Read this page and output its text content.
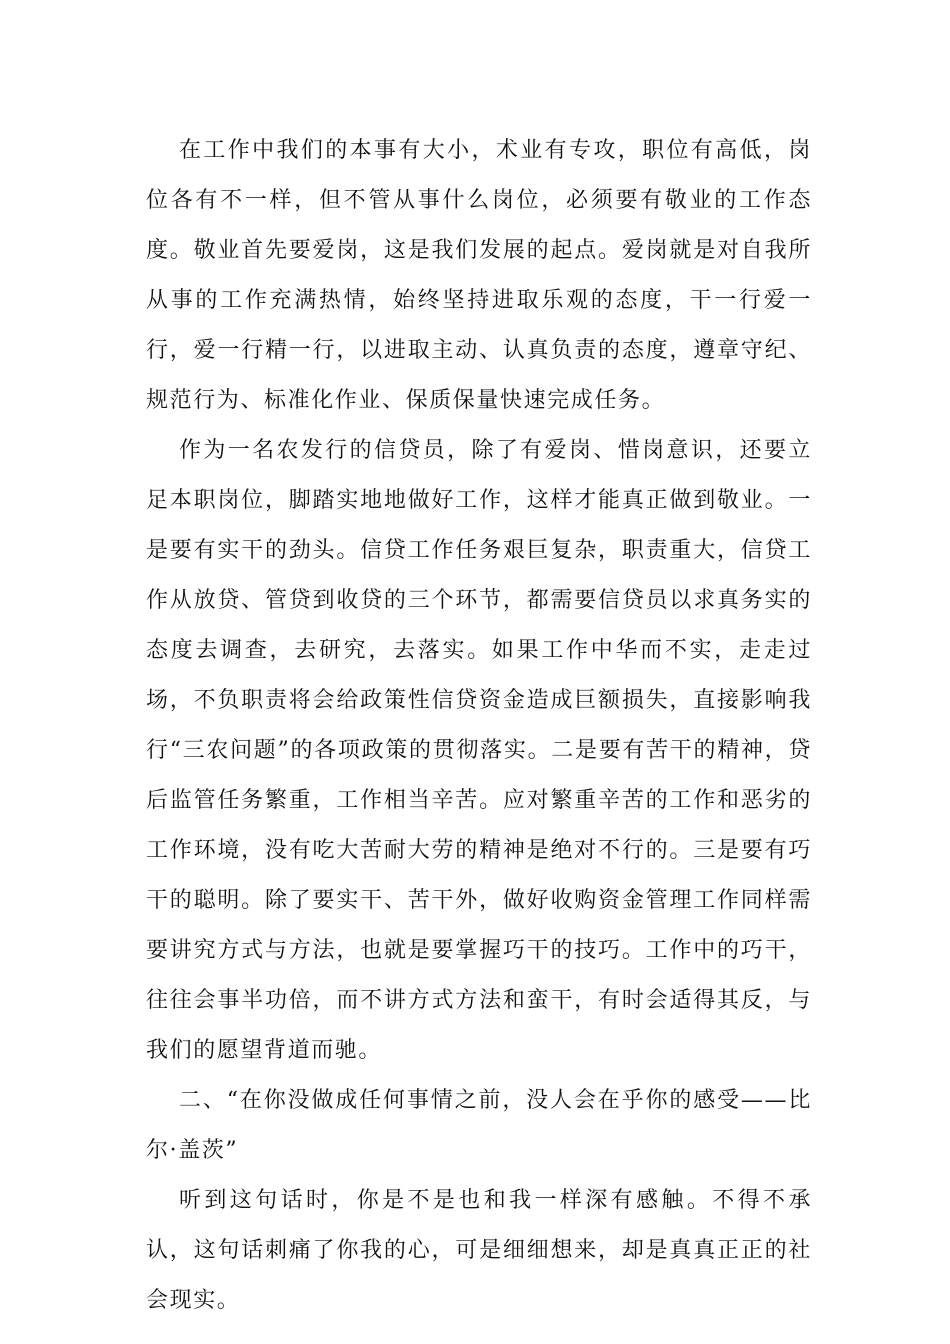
在工作中我们的本事有大小，术业有专攻，职位有高低，岗位各有不一样，但不管从事什么岗位，必须要有敬业的工作态度。敬业首先要爱岗，这是我们发展的起点。爱岗就是对自我所从事的工作充满热情，始终坚持进取乐观的态度，干一行爱一行，爱一行精一行，以进取主动、认真负责的态度，遵章守纪、规范行为、标准化作业、保质保量快速完成任务。

作为一名农发行的信贷员，除了有爱岗、惜岗意识，还要立足本职岗位，脚踏实地地做好工作，这样才能真正做到敬业。一是要有实干的劲头。信贷工作任务艰巨复杂，职责重大，信贷工作从放贷、管贷到收贷的三个环节，都需要信贷员以求真务实的态度去调查，去研究，去落实。如果工作中华而不实，走走过场，不负职责将会给政策性信贷资金造成巨额损失，直接影响我行“三农问题”的各项政策的贯彻落实。二是要有苦干的精神，贷后监管任务繁重，工作相当辛苦。应对繁重辛苦的工作和恶劣的工作环境，没有吃大苦耐大劳的精神是绝对不行的。三是要有巧干的聪明。除了要实干、苦干外，做好收购资金管理工作同样需要讲究方式与方法，也就是要掌握巧干的技巧。工作中的巧干，往往会事半功倍，而不讲方式方法和蛮干，有时会适得其反，与我们的愿望背道而驰。

二、“在你没做成任何事情之前，没人会在乎你的感受——比尔·盖茨”

听到这句话时，你是不是也和我一样深有感触。不得不承认，这句话刺痛了你我的心，可是细细想来，却是真真正正的社会现实。
